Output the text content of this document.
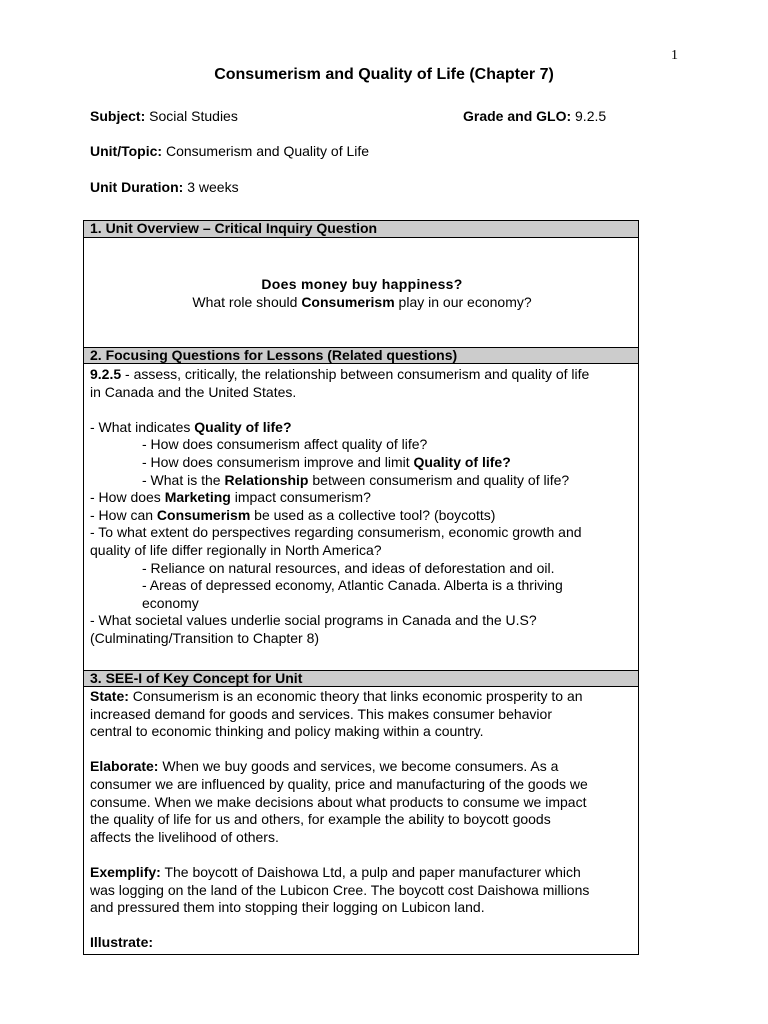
1
Consumerism and Quality of Life (Chapter 7)
Subject: Social Studies	Grade and GLO: 9.2.5
Unit/Topic: Consumerism and Quality of Life
Unit Duration: 3 weeks
1. Unit Overview – Critical Inquiry Question
Does money buy happiness?
What role should Consumerism play in our economy?
2. Focusing Questions for Lessons (Related questions)
9.2.5 - assess, critically, the relationship between consumerism and quality of life
in Canada and the United States.
- What indicates Quality of life?
- How does consumerism affect quality of life?
- How does consumerism improve and limit Quality of life?
- What is the Relationship between consumerism and quality of life?
- How does Marketing impact consumerism?
- How can Consumerism be used as a collective tool? (boycotts)
- To what extent do perspectives regarding consumerism, economic growth and
quality of life differ regionally in North America?
- Reliance on natural resources, and ideas of deforestation and oil.
- Areas of depressed economy, Atlantic Canada. Alberta is a thriving
economy
- What societal values underlie social programs in Canada and the U.S?
(Culminating/Transition to Chapter 8)
3. SEE-I of Key Concept for Unit
State: Consumerism is an economic theory that links economic prosperity to an
increased demand for goods and services. This makes consumer behavior
central to economic thinking and policy making within a country.
Elaborate: When we buy goods and services, we become consumers. As a
consumer we are influenced by quality, price and manufacturing of the goods we
consume. When we make decisions about what products to consume we impact
the quality of life for us and others, for example the ability to boycott goods
affects the livelihood of others.
Exemplify: The boycott of Daishowa Ltd, a pulp and paper manufacturer which
was logging on the land of the Lubicon Cree. The boycott cost Daishowa millions
and pressured them into stopping their logging on Lubicon land.
Illustrate:
